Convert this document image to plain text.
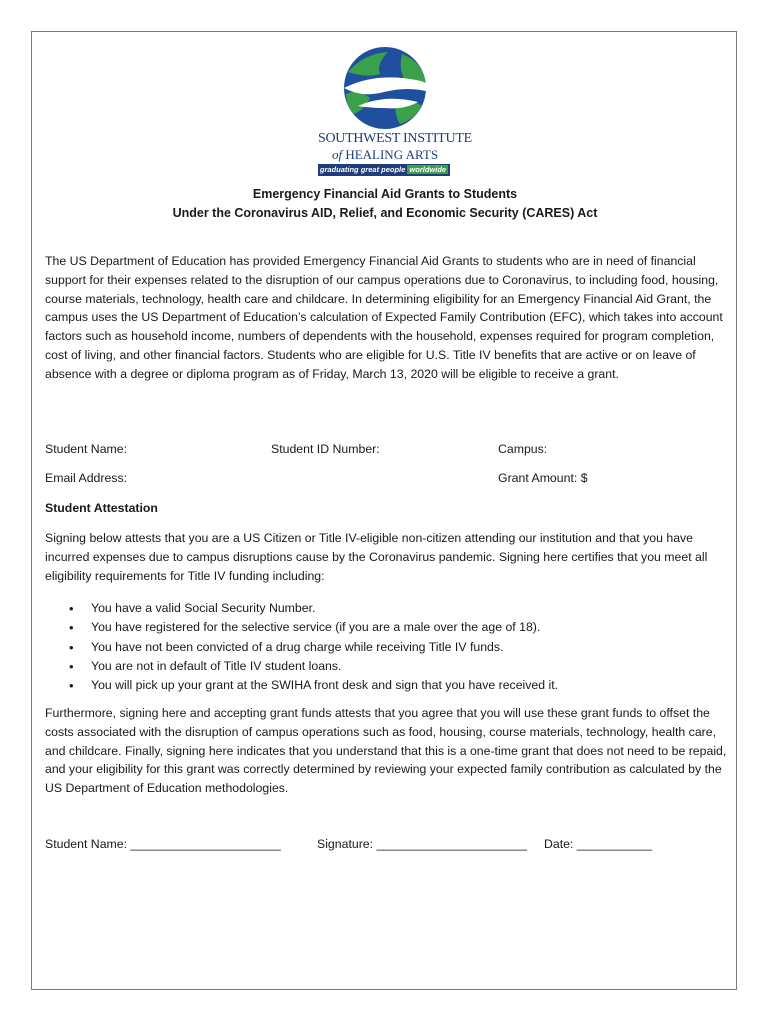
SOUTHWEST INSTITUTE
of HEALING ARTS
graduating great people worldwide
Emergency Financial Aid Grants to Students
Under the Coronavirus AID, Relief, and Economic Security (CARES) Act
The US Department of Education has provided Emergency Financial Aid Grants to students who are in need of financial support for their expenses related to the disruption of our campus operations due to Coronavirus, to including food, housing, course materials, technology, health care and childcare. In determining eligibility for an Emergency Financial Aid Grant, the campus uses the US Department of Education’s calculation of Expected Family Contribution (EFC), which takes into account factors such as household income, numbers of dependents with the household, expenses required for program completion, cost of living, and other financial factors. Students who are eligible for U.S. Title IV benefits that are active or on leave of absence with a degree or diploma program as of Friday, March 13, 2020 will be eligible to receive a grant.
Student Name:	Student ID Number:	Campus:
Email Address:	Grant Amount: $
Student Attestation
Signing below attests that you are a US Citizen or Title IV-eligible non-citizen attending our institution and that you have incurred expenses due to campus disruptions cause by the Coronavirus pandemic. Signing here certifies that you meet all eligibility requirements for Title IV funding including:
• You have a valid Social Security Number.
• You have registered for the selective service (if you are a male over the age of 18).
• You have not been convicted of a drug charge while receiving Title IV funds.
• You are not in default of Title IV student loans.
• You will pick up your grant at the SWIHA front desk and sign that you have received it.
Furthermore, signing here and accepting grant funds attests that you agree that you will use these grant funds to offset the costs associated with the disruption of campus operations such as food, housing, course materials, technology, health care, and childcare. Finally, signing here indicates that you understand that this is a one-time grant that does not need to be repaid, and your eligibility for this grant was correctly determined by reviewing your expected family contribution as calculated by the US Department of Education methodologies.
Student Name: ______________________	Signature: ______________________ Date: ___________
